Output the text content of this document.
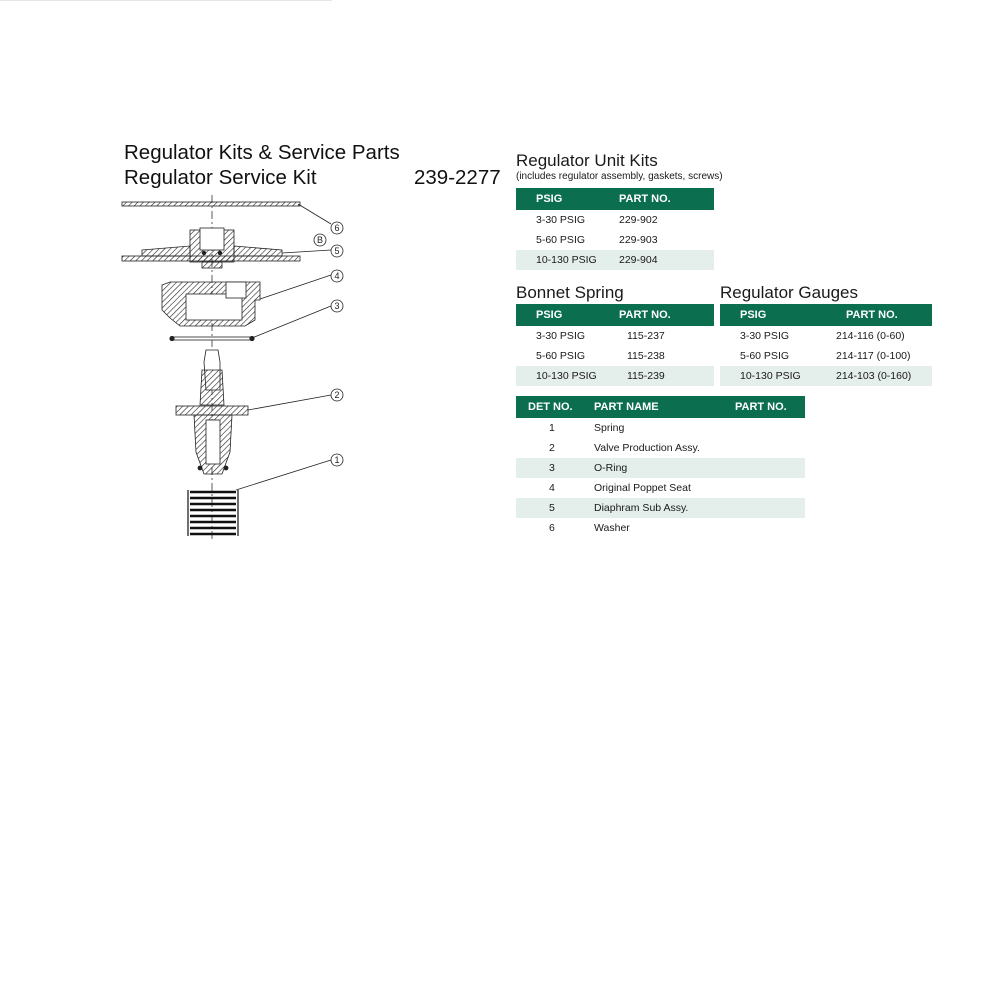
Regulator Kits & Service Parts
Regulator Service Kit	239-2277
6
B
5
4
3
2
1
Regulator Unit Kits
(includes regulator assembly, gaskets, screws)
PSIG	PART NO.
3-30 PSIG	229-902
5-60 PSIG	229-903
10-130 PSIG	229-904
Bonnet Spring
PSIG	PART NO.
3-30 PSIG	115-237
5-60 PSIG	115-238
10-130 PSIG	115-239
Regulator Gauges
PSIG	PART NO.
3-30 PSIG	214-116 (0-60)
5-60 PSIG	214-117 (0-100)
10-130 PSIG	214-103 (0-160)
DET NO.	PART NAME	PART NO.
1	Spring	
2	Valve Production Assy.	
3	O-Ring	
4	Original Poppet Seat	
5	Diaphram Sub Assy.	
6	Washer	
